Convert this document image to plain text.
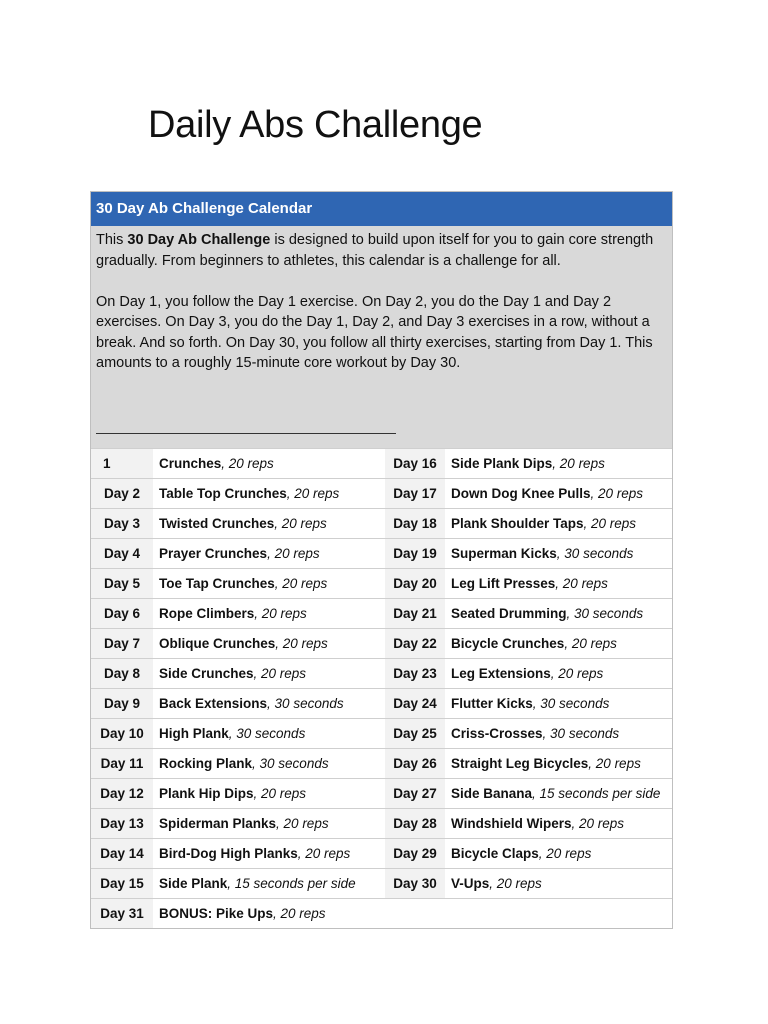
Daily Abs Challenge
30 Day Ab Challenge Calendar

This 30 Day Ab Challenge is designed to build upon itself for you to gain core strength gradually. From beginners to athletes, this calendar is a challenge for all.

On Day 1, you follow the Day 1 exercise. On Day 2, you do the Day 1 and Day 2 exercises. On Day 3, you do the Day 1, Day 2, and Day 3 exercises in a row, without a break. And so forth. On Day 30, you follow all thirty exercises, starting from Day 1. This amounts to a roughly 15-minute core workout by Day 30.

1	Crunches, 20 reps	Day 16	Side Plank Dips, 20 reps
Day 2	Table Top Crunches, 20 reps	Day 17	Down Dog Knee Pulls, 20 reps
Day 3	Twisted Crunches, 20 reps	Day 18	Plank Shoulder Taps, 20 reps
Day 4	Prayer Crunches, 20 reps	Day 19	Superman Kicks, 30 seconds
Day 5	Toe Tap Crunches, 20 reps	Day 20	Leg Lift Presses, 20 reps
Day 6	Rope Climbers, 20 reps	Day 21	Seated Drumming, 30 seconds
Day 7	Oblique Crunches, 20 reps	Day 22	Bicycle Crunches, 20 reps
Day 8	Side Crunches, 20 reps	Day 23	Leg Extensions, 20 reps
Day 9	Back Extensions, 30 seconds	Day 24	Flutter Kicks, 30 seconds
Day 10	High Plank, 30 seconds	Day 25	Criss-Crosses, 30 seconds
Day 11	Rocking Plank, 30 seconds	Day 26	Straight Leg Bicycles, 20 reps
Day 12	Plank Hip Dips, 20 reps	Day 27	Side Banana, 15 seconds per side
Day 13	Spiderman Planks, 20 reps	Day 28	Windshield Wipers, 20 reps
Day 14	Bird-Dog High Planks, 20 reps	Day 29	Bicycle Claps, 20 reps
Day 15	Side Plank, 15 seconds per side	Day 30	V-Ups, 20 reps
Day 31	BONUS: Pike Ups, 20 reps		
